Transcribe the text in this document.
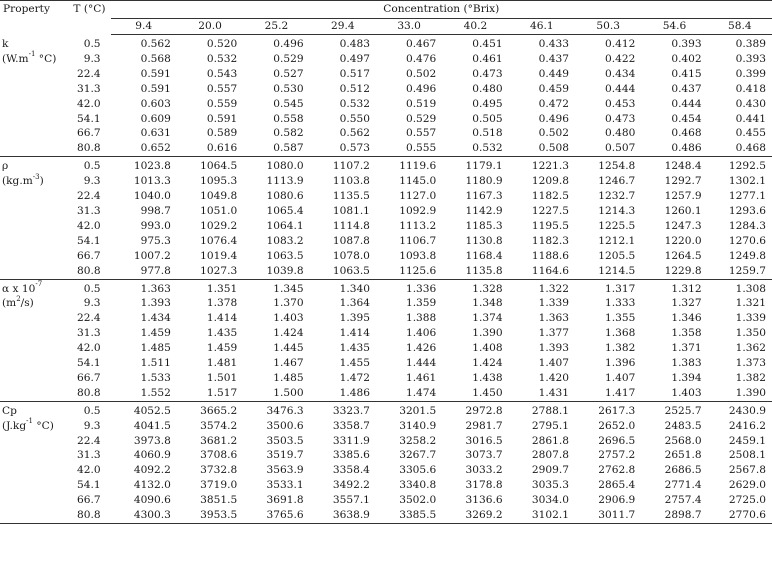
Property	T (°C)	Concentration (°Brix)									
		9.4	20.0	25.2	29.4	33.0	40.2	46.1	50.3	54.6	58.4
k	0.5	0.562	0.520	0.496	0.483	0.467	0.451	0.433	0.412	0.393	0.389
($W.m^{-1}$ °C)	9.3	0.568	0.532	0.529	0.497	0.476	0.461	0.437	0.422	0.402	0.393
	22.4	0.591	0.543	0.527	0.517	0.502	0.473	0.449	0.434	0.415	0.399
	31.3	0.591	0.557	0.530	0.512	0.496	0.480	0.459	0.444	0.437	0.418
	42.0	0.603	0.559	0.545	0.532	0.519	0.495	0.472	0.453	0.444	0.430
	54.1	0.609	0.591	0.558	0.550	0.529	0.505	0.496	0.473	0.454	0.441
	66.7	0.631	0.589	0.582	0.562	0.557	0.518	0.502	0.480	0.468	0.455
	80.8	0.652	0.616	0.587	0.573	0.555	0.532	0.508	0.507	0.486	0.468
ρ	0.5	1023.8	1064.5	1080.0	1107.2	1119.6	1179.1	1221.3	1254.8	1248.4	1292.5
$(kg.m^{-3})$	9.3	1013.3	1095.3	1113.9	1103.8	1145.0	1180.9	1209.8	1246.7	1292.7	1302.1
	22.4	1040.0	1049.8	1080.6	1135.5	1127.0	1167.3	1182.5	1232.7	1257.9	1277.1
	31.3	998.7	1051.0	1065.4	1081.1	1092.9	1142.9	1227.5	1214.3	1260.1	1293.6
	42.0	993.0	1029.2	1064.1	1114.8	1113.2	1185.3	1195.5	1225.5	1247.3	1284.3
	54.1	975.3	1076.4	1083.2	1087.8	1106.7	1130.8	1182.3	1212.1	1220.0	1270.6
	66.7	1007.2	1019.4	1063.5	1078.0	1093.8	1168.4	1188.6	1205.5	1264.5	1249.8
	80.8	977.8	1027.3	1039.8	1063.5	1125.6	1135.8	1164.6	1214.5	1229.8	1259.7
α x $10^{-7}$	0.5	1.363	1.351	1.345	1.340	1.336	1.328	1.322	1.317	1.312	1.308
$(m^2/s)$	9.3	1.393	1.378	1.370	1.364	1.359	1.348	1.339	1.333	1.327	1.321
	22.4	1.434	1.414	1.403	1.395	1.388	1.374	1.363	1.355	1.346	1.339
	31.3	1.459	1.435	1.424	1.414	1.406	1.390	1.377	1.368	1.358	1.350
	42.0	1.485	1.459	1.445	1.435	1.426	1.408	1.393	1.382	1.371	1.362
	54.1	1.511	1.481	1.467	1.455	1.444	1.424	1.407	1.396	1.383	1.373
	66.7	1.533	1.501	1.485	1.472	1.461	1.438	1.420	1.407	1.394	1.382
	80.8	1.552	1.517	1.500	1.486	1.474	1.450	1.431	1.417	1.403	1.390
Cp	0.5	4052.5	3665.2	3476.3	3323.7	3201.5	2972.8	2788.1	2617.3	2525.7	2430.9
($J.kg^{-1}$ °C)	9.3	4041.5	3574.2	3500.6	3358.7	3140.9	2981.7	2795.1	2652.0	2483.5	2416.2
	22.4	3973.8	3681.2	3503.5	3311.9	3258.2	3016.5	2861.8	2696.5	2568.0	2459.1
	31.3	4060.9	3708.6	3519.7	3385.6	3267.7	3073.7	2807.8	2757.2	2651.8	2508.1
	42.0	4092.2	3732.8	3563.9	3358.4	3305.6	3033.2	2909.7	2762.8	2686.5	2567.8
	54.1	4132.0	3719.0	3533.1	3492.2	3340.8	3178.8	3035.3	2865.4	2771.4	2629.0
	66.7	4090.6	3851.5	3691.8	3557.1	3502.0	3136.6	3034.0	2906.9	2757.4	2725.0
	80.8	4300.3	3953.5	3765.6	3638.9	3385.5	3269.2	3102.1	3011.7	2898.7	2770.6
